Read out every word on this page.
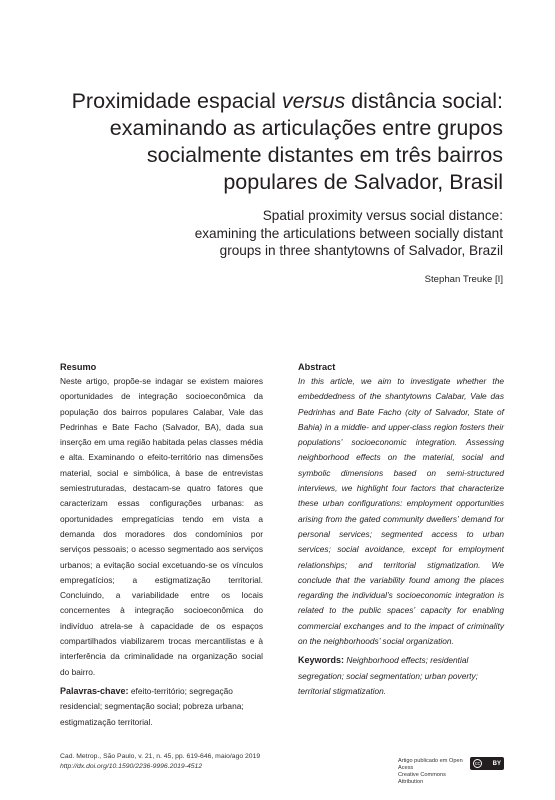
Proximidade espacial versus distância social:
examinando as articulações entre grupos
socialmente distantes em três bairros
populares de Salvador, Brasil
Spatial proximity versus social distance:
examining the articulations between socially distant
groups in three shantytowns of Salvador, Brazil
Stephan Treuke [I]
Resumo

Neste artigo, propõe-se indagar se existem maiores oportunidades de integração socioeconômica da população dos bairros populares Calabar, Vale das Pedrinhas e Bate Facho (Salvador, BA), dada sua inserção em uma região habitada pelas classes média e alta. Examinando o efeito-território nas dimensões material, social e simbólica, à base de entrevistas semiestruturadas, destacam-se quatro fatores que caracterizam essas configurações urbanas: as oportunidades empregatícias tendo em vista a demanda dos moradores dos condomínios por serviços pessoais; o acesso segmentado aos serviços urbanos; a evitação social excetuando-se os vínculos empregatícios; a estigmatização territorial. Concluindo, a variabilidade entre os locais concernentes à integração socioeconômica do indivíduo atrela-se à capacidade de os espaços compartilhados viabilizarem trocas mercantilistas e à interferência da criminalidade na organização social do bairro.

Palavras-chave: efeito-território; segregação residencial; segmentação social; pobreza urbana; estigmatização territorial.
Abstract

In this article, we aim to investigate whether the embeddedness of the shantytowns Calabar, Vale das Pedrinhas and Bate Facho (city of Salvador, State of Bahia) in a middle- and upper-class region fosters their populations’ socioeconomic integration. Assessing neighborhood effects on the material, social and symbolic dimensions based on semi-structured interviews, we highlight four factors that characterize these urban configurations: employment opportunities arising from the gated community dwellers’ demand for personal services; segmented access to urban services; social avoidance, except for employment relationships; and territorial stigmatization. We conclude that the variability found among the places regarding the individual’s socioeconomic integration is related to the public spaces’ capacity for enabling commercial exchanges and to the impact of criminality on the neighborhoods’ social organization.

Keywords: Neighborhood effects; residential segregation; social segmentation; urban poverty; territorial stigmatization.
Cad. Metrop., São Paulo, v. 21, n. 45, pp. 619-646, maio/ago 2019
http://dx.doi.org/10.1590/2236-9996.2019-4512
Artigo publicado em Open Acess
Creative Commons Attribution
cc	BY
